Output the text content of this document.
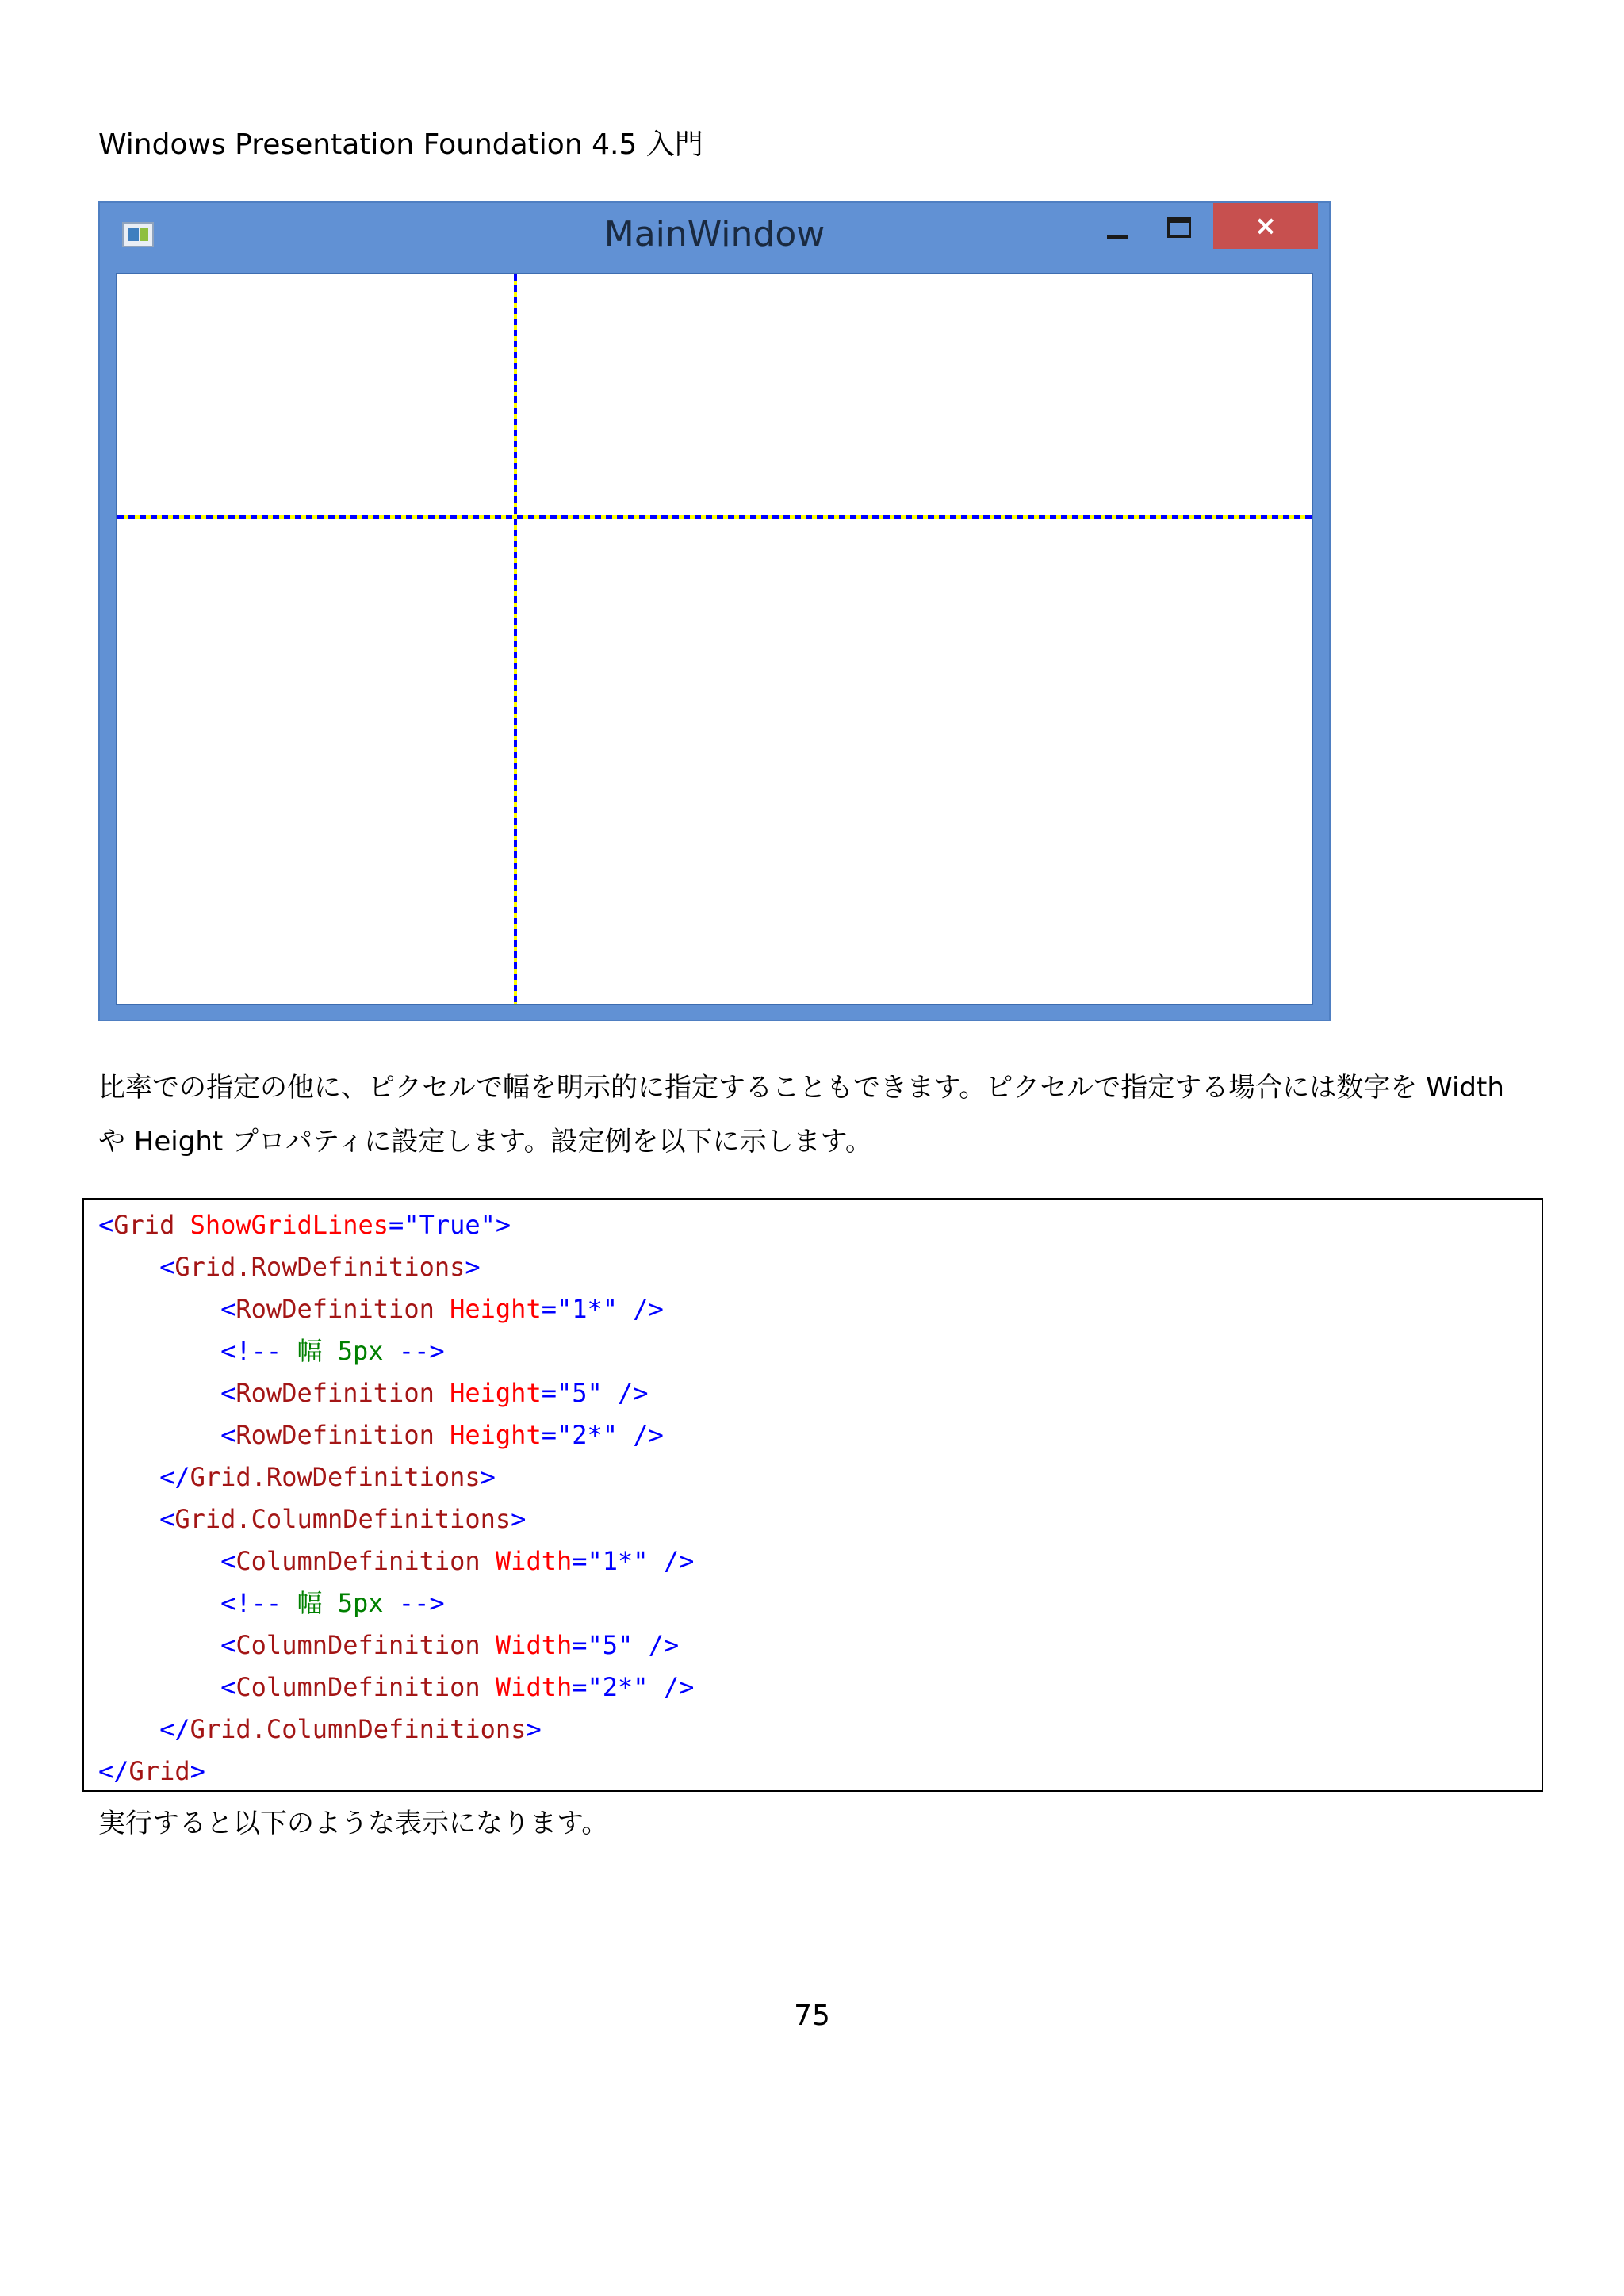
Windows Presentation Foundation 4.5 入門
MainWindow	×

比率での指定の他に、ピクセルで幅を明示的に指定することもできます。ピクセルで指定する場合には数字を Width

や Height プロパティに設定します。設定例を以下に示します。

<Grid ShowGridLines="True">
<Grid.RowDefinitions>
<RowDefinition Height="1*" />
<!-- 幅 5px -->
<RowDefinition Height="5" />
<RowDefinition Height="2*" />
</Grid.RowDefinitions>
<Grid.ColumnDefinitions>
<ColumnDefinition Width="1*" />
<!-- 幅 5px -->
<ColumnDefinition Width="5" />
<ColumnDefinition Width="2*" />
</Grid.ColumnDefinitions>
</Grid>
実行すると以下のような表示になります。
75
